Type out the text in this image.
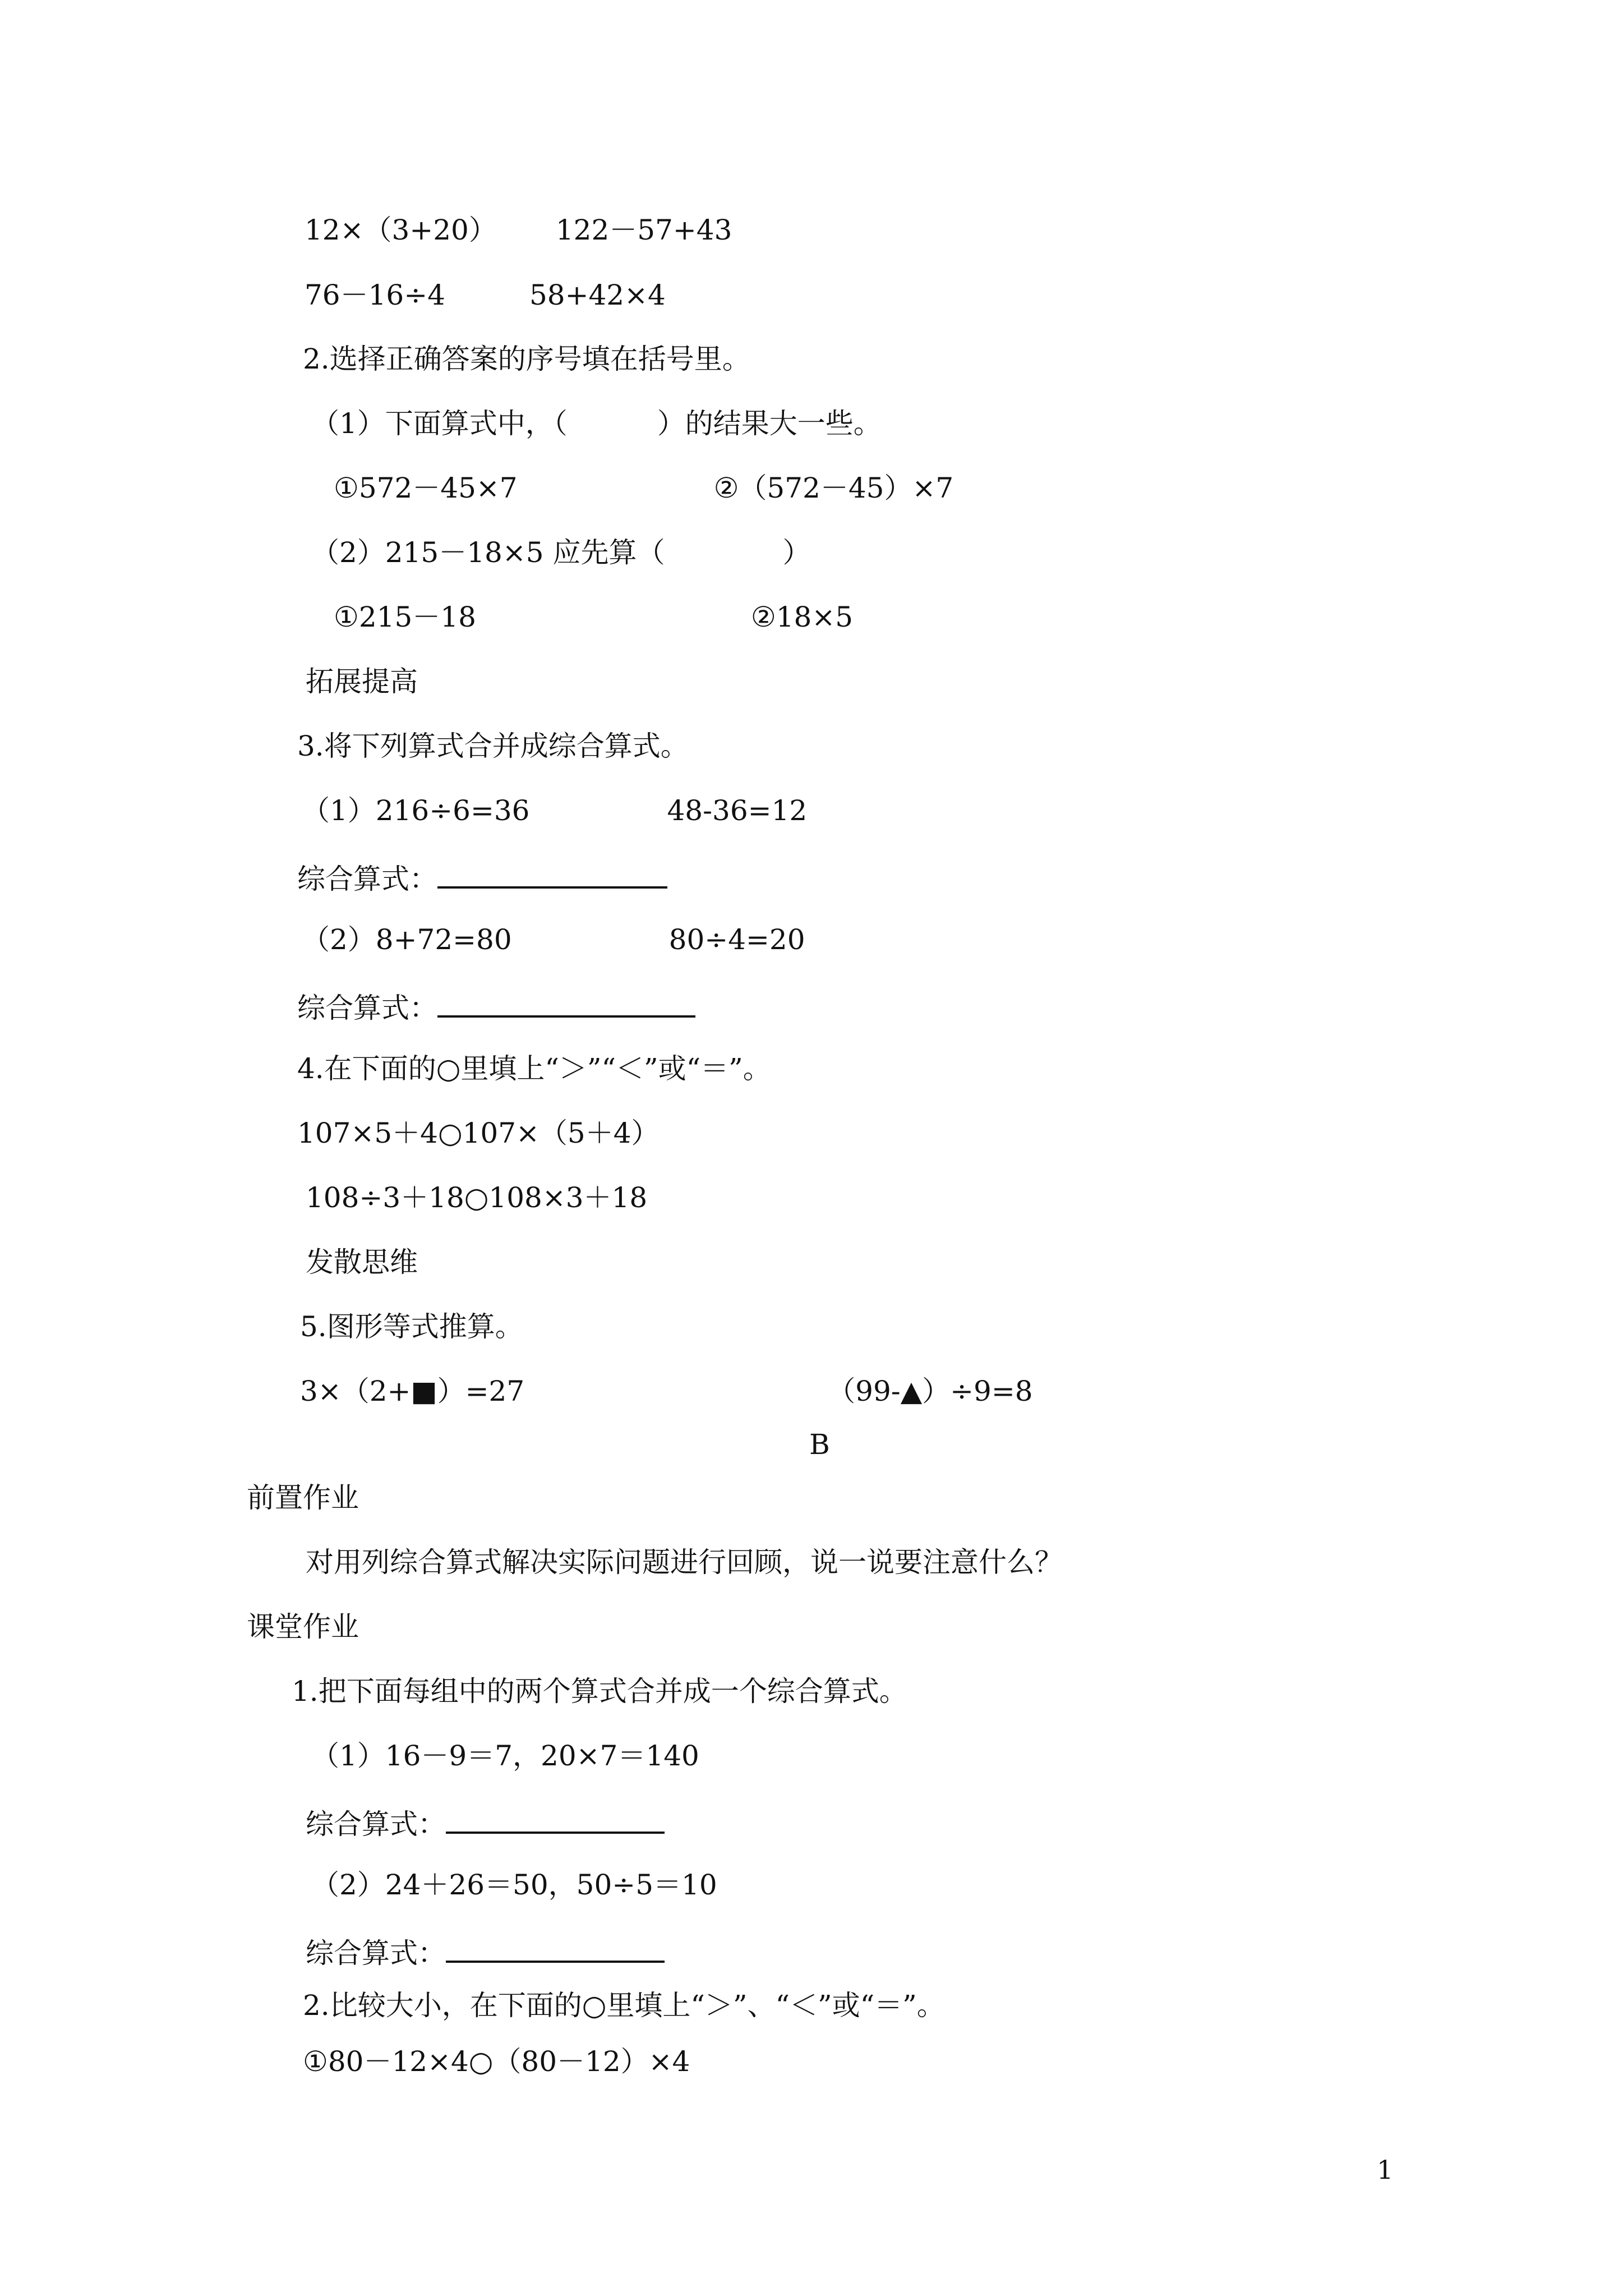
12×（3+20） 122－57+43
76－16÷4	58+42×4
2.选择正确答案的序号填在括号里。
（1）下面算式中，（	）的结果大一些。
①572－45×7	②（572－45）×7
（2）215－18×5 应先算（	）
①215－18	②18×5
拓展提高
3.将下列算式合并成综合算式。
（1）216÷6=36	48-36=12
综合算式：
（2）8+72=80	80÷4=20
综合算式：
4.在下面的○里填上“＞”“＜”或“＝”。
107×5＋4○107×（5＋4）
108÷3＋18○108×3＋18
发散思维
5.图形等式推算。
3×（2+■）=27	（99-▲）÷9=8
B
前置作业
对用列综合算式解决实际问题进行回顾，说一说要注意什么？
课堂作业
1.把下面每组中的两个算式合并成一个综合算式。
（1）16－9＝7，20×7＝140
综合算式：
（2）24＋26＝50，50÷5＝10
综合算式：
2.比较大小，在下面的○里填上“＞”、“＜”或“＝”。
①80－12×4○（80－12）×4
1
